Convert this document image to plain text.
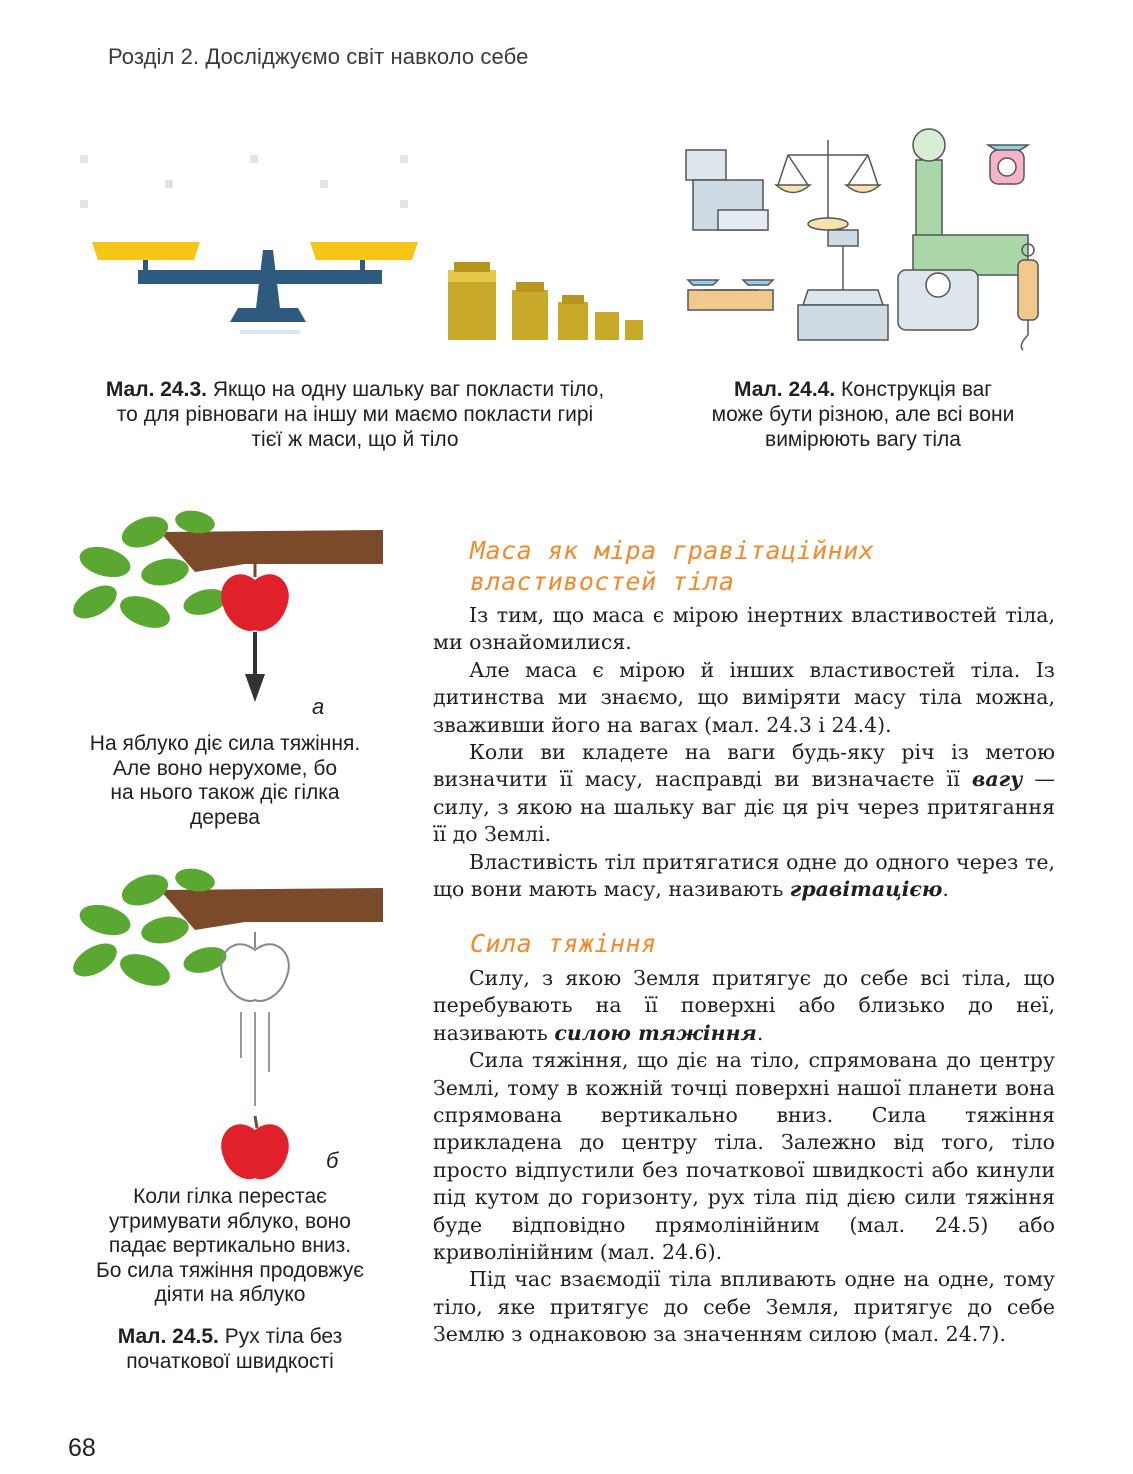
Розділ 2. Досліджуємо світ навколо себе
Мал. 24.3. Якщо на одну шальку ваг покласти тіло,
то для рівноваги на іншу ми маємо покласти гирі
тієї ж маси, що й тіло
Мал. 24.4. Конструкція ваг
може бути різною, але всі вони
вимірюють вагу тіла
а
На яблуко діє сила тяжіння.
Але воно нерухоме, бо
на нього також діє гілка
дерева
б
Коли гілка перестає
утримувати яблуко, воно
падає вертикально вниз.
Бо сила тяжіння продовжує
діяти на яблуко
Мал. 24.5. Рух тіла без
початкової швидкості
Маса як міра гравітаційних
властивостей тіла

Із тим, що маса є мірою інертних властивостей тіла, ми ознайомилися.

Але маса є мірою й інших властивостей тіла. Із дитинства ми знаємо, що виміряти масу тіла можна, зваживши його на вагах (мал. 24.3 і 24.4).

Коли ви кладете на ваги будь-яку річ із метою визначити її масу, насправді ви визначаєте її вагу — силу, з якою на шальку ваг діє ця річ через притягання її до Землі.

Властивість тіл притягатися одне до одного через те, що вони мають масу, називають гравітацією.

Сила тяжіння

Силу, з якою Земля притягує до себе всі тіла, що перебувають на її поверхні або близько до неї, називають силою тяжіння.

Сила тяжіння, що діє на тіло, спрямована до центру Землі, тому в кожній точці поверхні нашої планети вона спрямована вертикально вниз. Сила тяжіння прикладена до центру тіла. Залежно від того, тіло просто відпустили без початкової швидкості або кинули під кутом до горизонту, рух тіла під дією сили тяжіння буде відповідно прямолінійним (мал. 24.5) або криволінійним (мал. 24.6).

Під час взаємодії тіла впливають одне на одне, тому тіло, яке притягує до себе Земля, притягує до себе Землю з однаковою за значенням силою (мал. 24.7).

68
